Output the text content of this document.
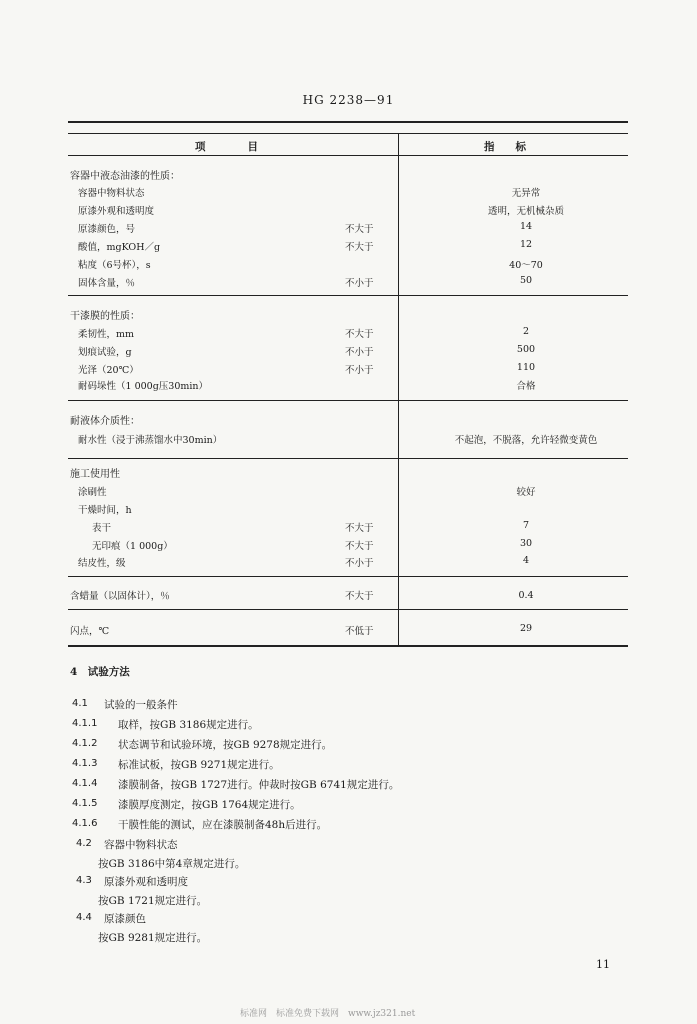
HG 2238—91
项　　　　目	指　　标
容器中液态油漆的性质：
容器中物料状态	无异常
原漆外观和透明度	透明，无机械杂质
原漆颜色，号	不大于	14
酸值，mgKOH／g	不大于	12
粘度（6号杯），s	40～70
固体含量，％	不小于	50
干漆膜的性质：
柔韧性，mm	不大于	2
划痕试验，g	不小于	500
光泽（20℃）	不小于	110
耐码垛性（1 000g压30min）	合格
耐液体介质性：
耐水性（浸于沸蒸馏水中30min）	不起泡，不脱落，允许轻微变黄色
施工使用性
涂刷性	较好
干燥时间，h
表干	不大于	7
无印痕（1 000g）	不大于	30
结皮性，级	不小于	4
含蜡量（以固体计），％	不大于	0.4
闪点，℃	不低于	29
4　试验方法
4.1 试验的一般条件
4.1.1 取样，按GB 3186规定进行。
4.1.2 状态调节和试验环境，按GB 9278规定进行。
4.1.3 标准试板，按GB 9271规定进行。
4.1.4 漆膜制备，按GB 1727进行。仲裁时按GB 6741规定进行。
4.1.5 漆膜厚度测定，按GB 1764规定进行。
4.1.6 干膜性能的测试，应在漆膜制备48h后进行。
4.2 容器中物料状态
按GB 3186中第4章规定进行。
4.3 原漆外观和透明度
按GB 1721规定进行。
4.4 原漆颜色
按GB 9281规定进行。
11
标准网　标准免费下载网　www.jz321.net
